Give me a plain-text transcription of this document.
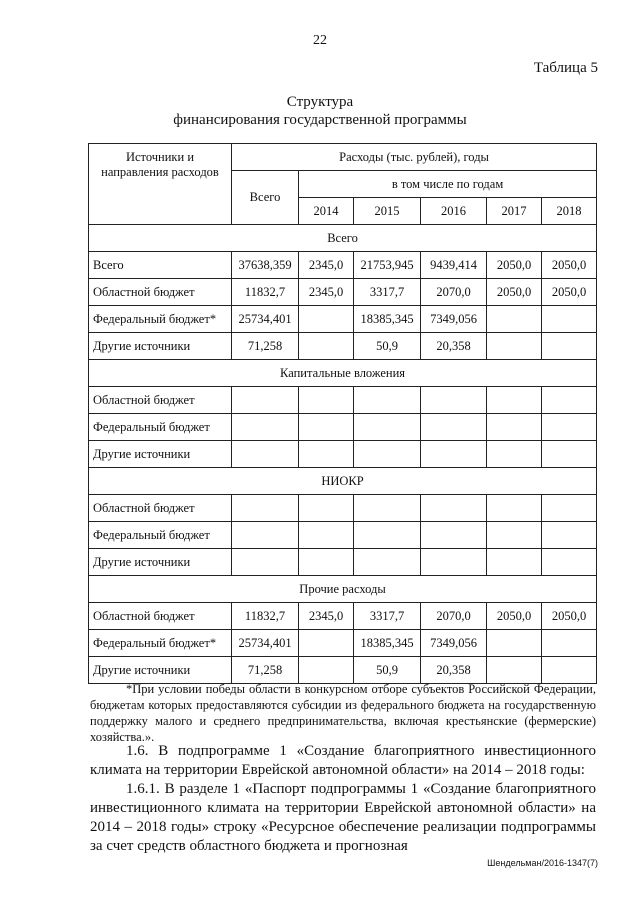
22
Таблица 5
Структура
финансирования государственной программы
Источники и направления расходов	Расходы (тыс. рублей), годы					
	Всего	в том числе по годам				
		2014	2015	2016	2017	2018
Всего						
Всего	37638,359	2345,0	21753,945	9439,414	2050,0	2050,0
Областной бюджет	11832,7	2345,0	3317,7	2070,0	2050,0	2050,0
Федеральный бюджет*	25734,401		18385,345	7349,056		
Другие источники	71,258		50,9	20,358		
Капитальные вложения						
Областной бюджет						
Федеральный бюджет						
Другие источники						
НИОКР						
Областной бюджет						
Федеральный бюджет						
Другие источники						
Прочие расходы						
Областной бюджет	11832,7	2345,0	3317,7	2070,0	2050,0	2050,0
Федеральный бюджет*	25734,401		18385,345	7349,056		
Другие источники	71,258		50,9	20,358		
*При условии победы области в конкурсном отборе субъектов Российской Федерации, бюджетам которых предоставляются субсидии из федерального бюджета на государственную поддержку малого и среднего предпринимательства, включая крестьянские (фермерские) хозяйства.».
1.6. В подпрограмме 1 «Создание благоприятного инвестиционного климата на территории Еврейской автономной области» на 2014 – 2018 годы:
1.6.1. В разделе 1 «Паспорт подпрограммы 1 «Создание благоприятного инвестиционного климата на территории Еврейской автономной области» на 2014 – 2018 годы» строку «Ресурсное обеспечение реализации подпрограммы за счет средств областного бюджета и прогнозная
Шендельман/2016-1347(7)
